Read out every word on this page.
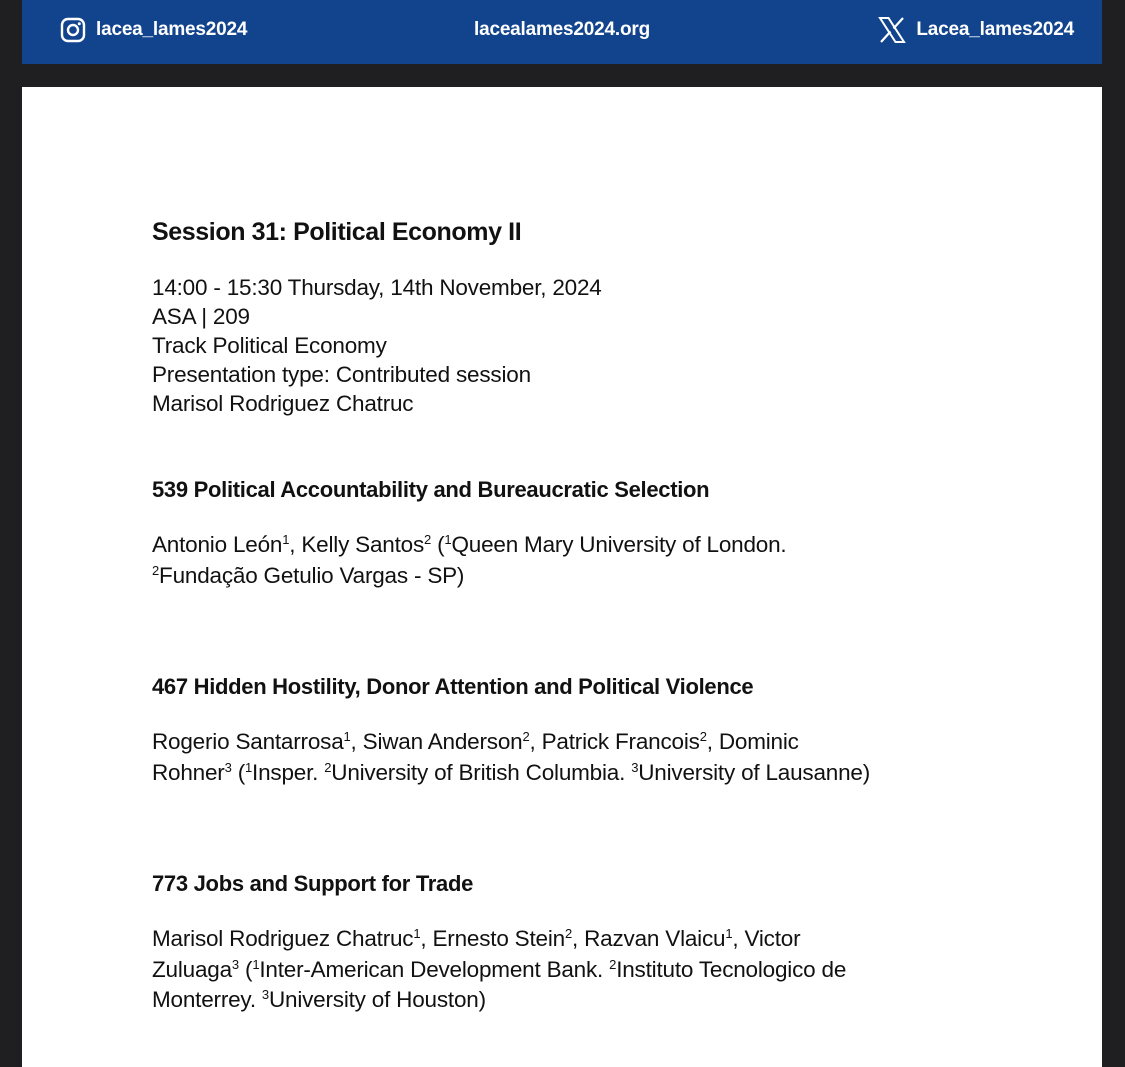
lacea_lames2024	lacealames2024.org	Lacea_lames2024
Session 31: Political Economy II
14:00 - 15:30 Thursday, 14th November, 2024
ASA | 209
Track Political Economy
Presentation type: Contributed session
Marisol Rodriguez Chatruc
539 Political Accountability and Bureaucratic Selection
Antonio León$^1$, Kelly Santos$^2$ ($^1$Queen Mary University of London.
$^2$Fundação Getulio Vargas - SP)
467 Hidden Hostility, Donor Attention and Political Violence
Rogerio Santarrosa$^1$, Siwan Anderson$^2$, Patrick Francois$^2$, Dominic
Rohner$^3$ ($^1$Insper. $^2$University of British Columbia. $^3$University of Lausanne)
773 Jobs and Support for Trade
Marisol Rodriguez Chatruc$^1$, Ernesto Stein$^2$, Razvan Vlaicu$^1$, Victor
Zuluaga$^3$ ($^1$Inter-American Development Bank. $^2$Instituto Tecnologico de
Monterrey. $^3$University of Houston)
